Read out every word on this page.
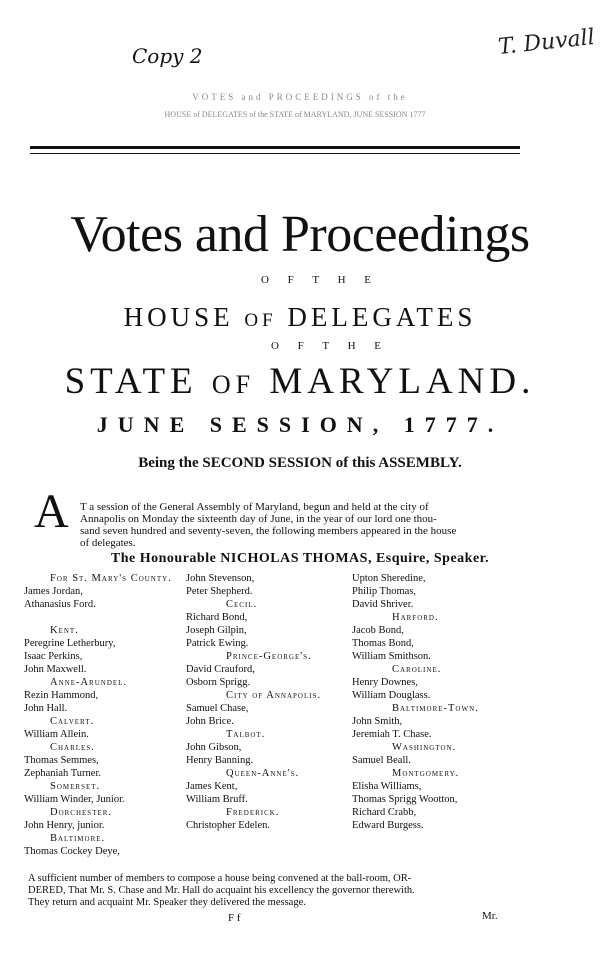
Copy 2	T. Duvall
VOTES and PROCEEDINGS of the
HOUSE of DELEGATES of the STATE of MARYLAND, JUNE SESSION 1777
Votes and Proceedings
O F T H E
HOUSE of DELEGATES
O F T H E
STATE of MARYLAND.
JUNE SESSION, 1777.
Being the SECOND SESSION of this ASSEMBLY.
A T a session of the General Assembly of Maryland, begun and held at the city of
Annapolis on Monday the sixteenth day of June, in the year of our lord one thou-
sand seven hundred and seventy-seven, the following members appeared in the house
of delegates.
The Honourable NICHOLAS THOMAS, Esquire, Speaker.
For St. Mary's County.
James Jordan,
Athanasius Ford.
Kent.
Peregrine Letherbury,
Isaac Perkins,
John Maxwell.
Anne-Arundel.
Rezin Hammond,
John Hall.
Calvert.
William Allein.
Charles.
Thomas Semmes,
Zephaniah Turner.
Somerset.
William Winder, Junior.
Dorchester.
John Henry, junior.
Baltimore.
Thomas Cockey Deye,
John Stevenson,
Peter Shepherd.
Cecil.
Richard Bond,
Joseph Gilpin,
Patrick Ewing.
Prince-George's.
David Crauford,
Osborn Sprigg.
City of Annapolis.
Samuel Chase,
John Brice.
Talbot.
John Gibson,
Henry Banning.
Queen-Anne's.
James Kent,
William Bruff.
Frederick.
Christopher Edelen.
Upton Sheredine,
Philip Thomas,
David Shriver.
Harford.
Jacob Bond,
Thomas Bond,
William Smithson.
Caroline.
Henry Downes,
William Douglass.
Baltimore-Town.
John Smith,
Jeremiah T. Chase.
Washington.
Samuel Beall.
Montgomery.
Elisha Williams,
Thomas Sprigg Wootton,
Richard Crabb,
Edward Burgess.
A sufficient number of members to compose a house being convened at the ball-room, OR-
DERED, That Mr. S. Chase and Mr. Hall do acquaint his excellency the governor therewith.
They return and acquaint Mr. Speaker they delivered the message.
F f	Mr.
